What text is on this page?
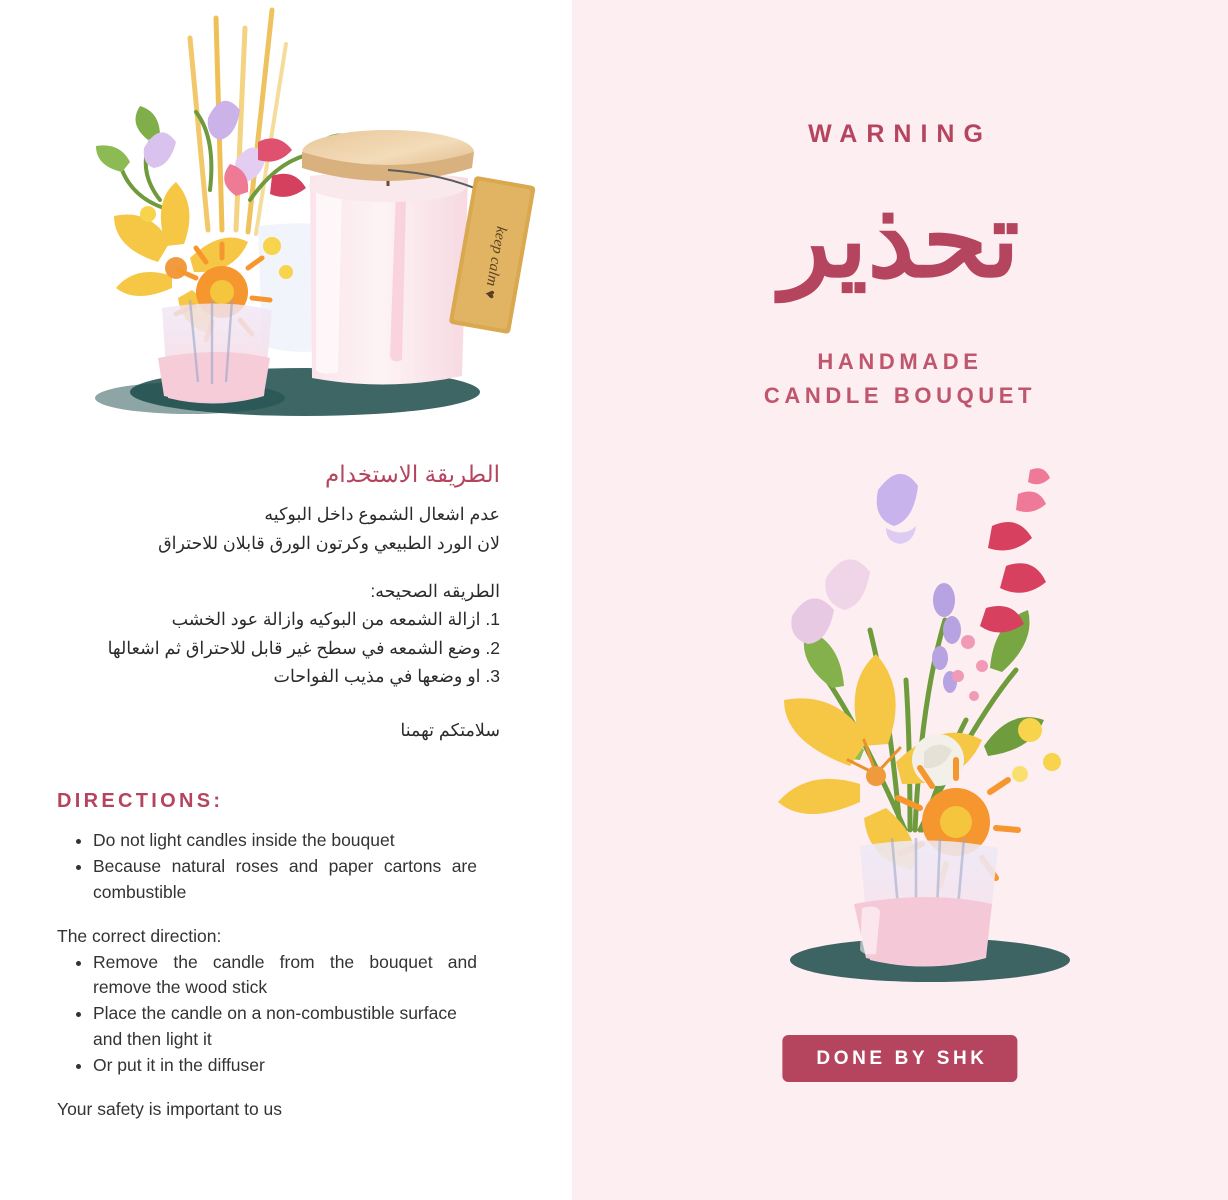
keep calm ♥
الطريقة الاستخدام
عدم اشعال الشموع داخل البوكيه
لان الورد الطبيعي وكرتون الورق قابلان للاحتراق
الطريقه الصحيحه:
1. ازالة الشمعه من البوكيه وازالة عود الخشب
2. وضع الشمعه في سطح غير قابل للاحتراق ثم اشعالها
3. او وضعها في مذيب الفواحات
سلامتكم تهمنا
DIRECTIONS:
• Do not light candles inside the bouquet
• Because natural roses and paper cartons are combustible

The correct direction:

• Remove the candle from the bouquet and remove the wood stick
• Place the candle on a non-combustible surface and then light it
• Or put it in the diffuser

Your safety is important to us

WARNING
تحذير
HANDMADE
CANDLE BOUQUET
DONE BY SHK
